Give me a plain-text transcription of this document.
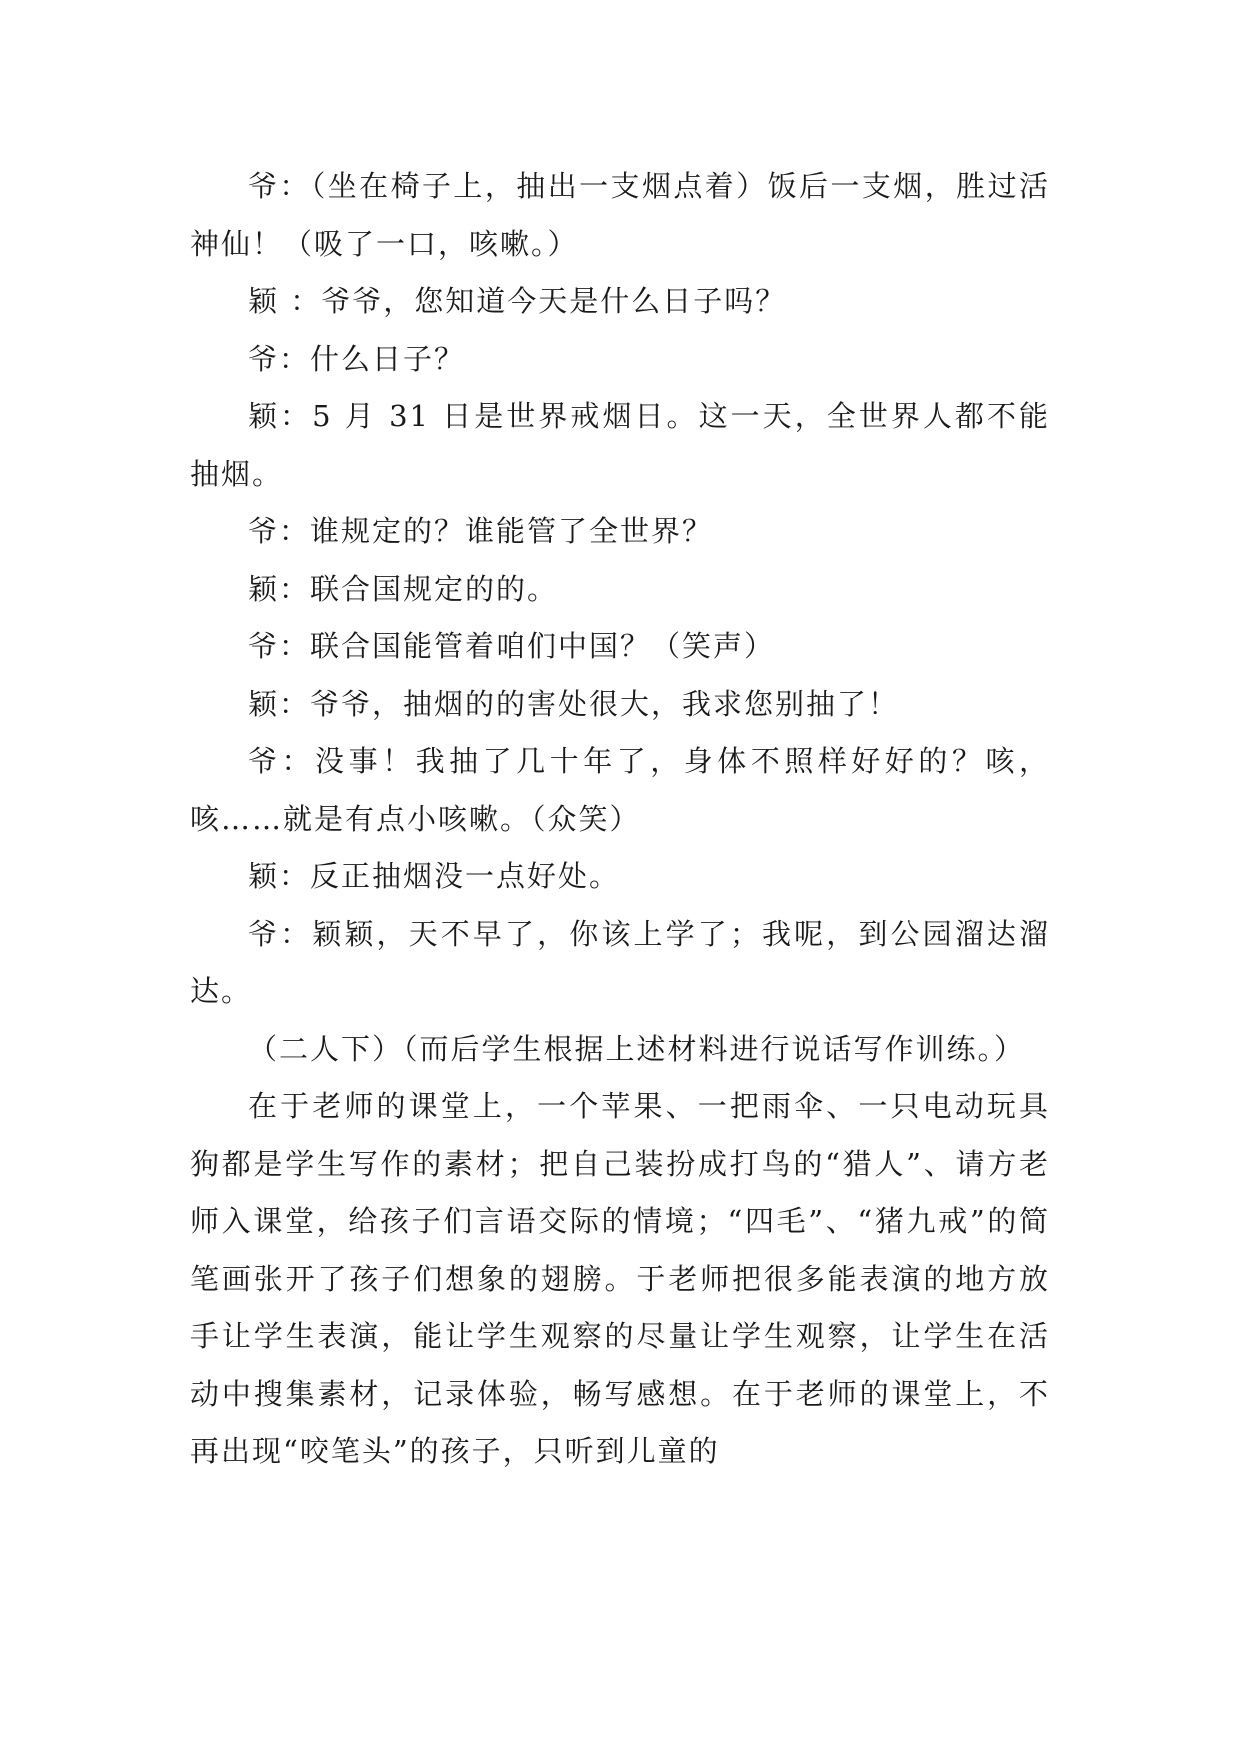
爷：（坐在椅子上，抽出一支烟点着）饭后一支烟，胜过活神仙！（吸了一口，咳嗽。）

颖 ：爷爷，您知道今天是什么日子吗？

爷：什么日子？

颖：5 月 31 日是世界戒烟日。这一天，全世界人都不能抽烟。

爷：谁规定的？谁能管了全世界？

颖：联合国规定的的。

爷：联合国能管着咱们中国？（笑声）

颖：爷爷，抽烟的的害处很大，我求您别抽了！

爷：没事！我抽了几十年了，身体不照样好好的？咳，咳……就是有点小咳嗽。（众笑）

颖：反正抽烟没一点好处。

爷：颖颖，天不早了，你该上学了；我呢，到公园溜达溜达。

（二人下）（而后学生根据上述材料进行说话写作训练。）

在于老师的课堂上，一个苹果、一把雨伞、一只电动玩具狗都是学生写作的素材；把自己装扮成打鸟的“猎人”、请方老师入课堂，给孩子们言语交际的情境；“四毛”、“猪九戒”的简笔画张开了孩子们想象的翅膀。于老师把很多能表演的地方放手让学生表演，能让学生观察的尽量让学生观察，让学生在活动中搜集素材，记录体验，畅写感想。在于老师的课堂上，不再出现“咬笔头”的孩子，只听到儿童的
